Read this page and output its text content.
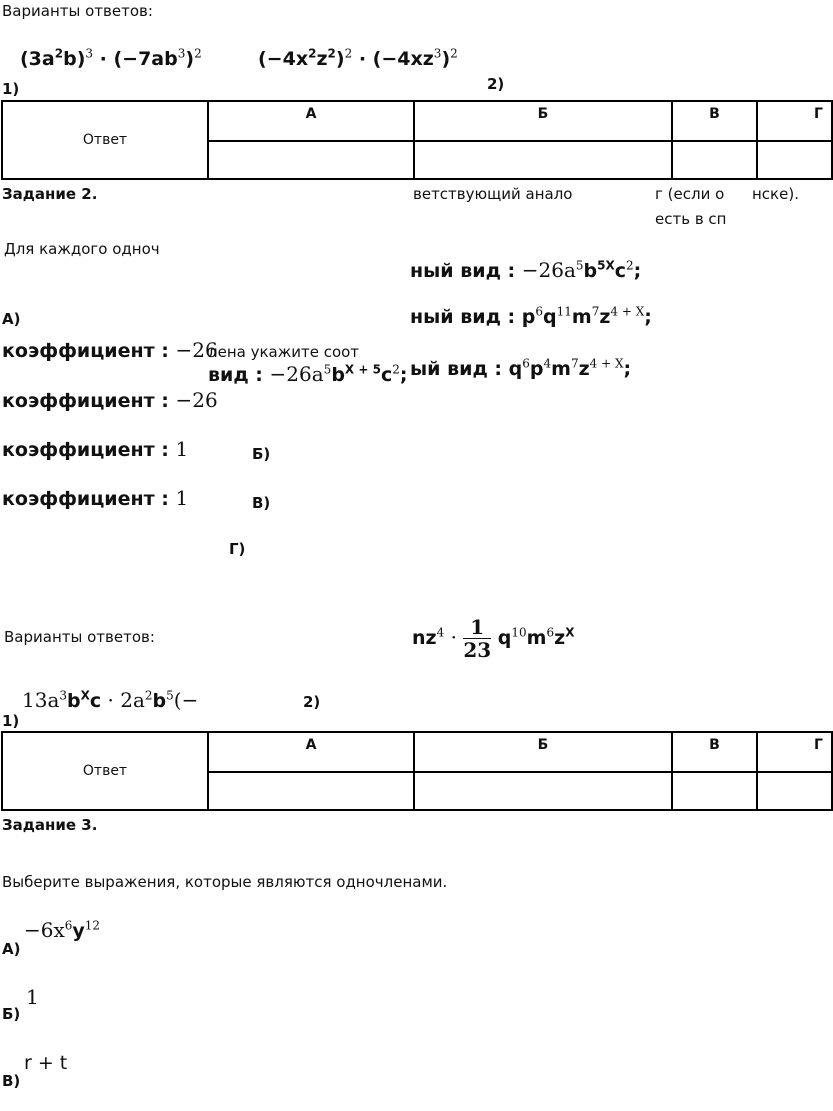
Варианты ответов:
$(3a^2b)^3 \cdot (-7ab^3)^2$	$(-4x^2z^2)^2 \cdot (-4xz^3)^2$
1)	2)
Ответ	А	Б	В	Г

Задание 2.	ветствующий анало	г (если о нске).
есть в сп
Для каждого одноч
ный вид : $-26a^5b^{5X}c^2$;
ный вид : $p^6q^{11}m^7z^{4 + X}$;
А)
коэффициент : −26
лена укажите соот
вид : $-26a^5b^{X + 5}c^2$; ый вид : $q^6p^4m^7z^{4 + X}$;
коэффициент : −26
коэффициент : 1	Б)
коэффициент : 1	В)
Г)
Варианты ответов:	$nz^4 \cdot \frac{1}{23} q^{10}m^6z^X$
$13a^3b^Xc \cdot 2a^2b^5(-$	2)
1)
Ответ	А	Б	В	Г

Задание 3.
Выберите выражения, которые являются одночленами.
$-6x^6y^{12}$
А)
1
Б)
r + t
В)
